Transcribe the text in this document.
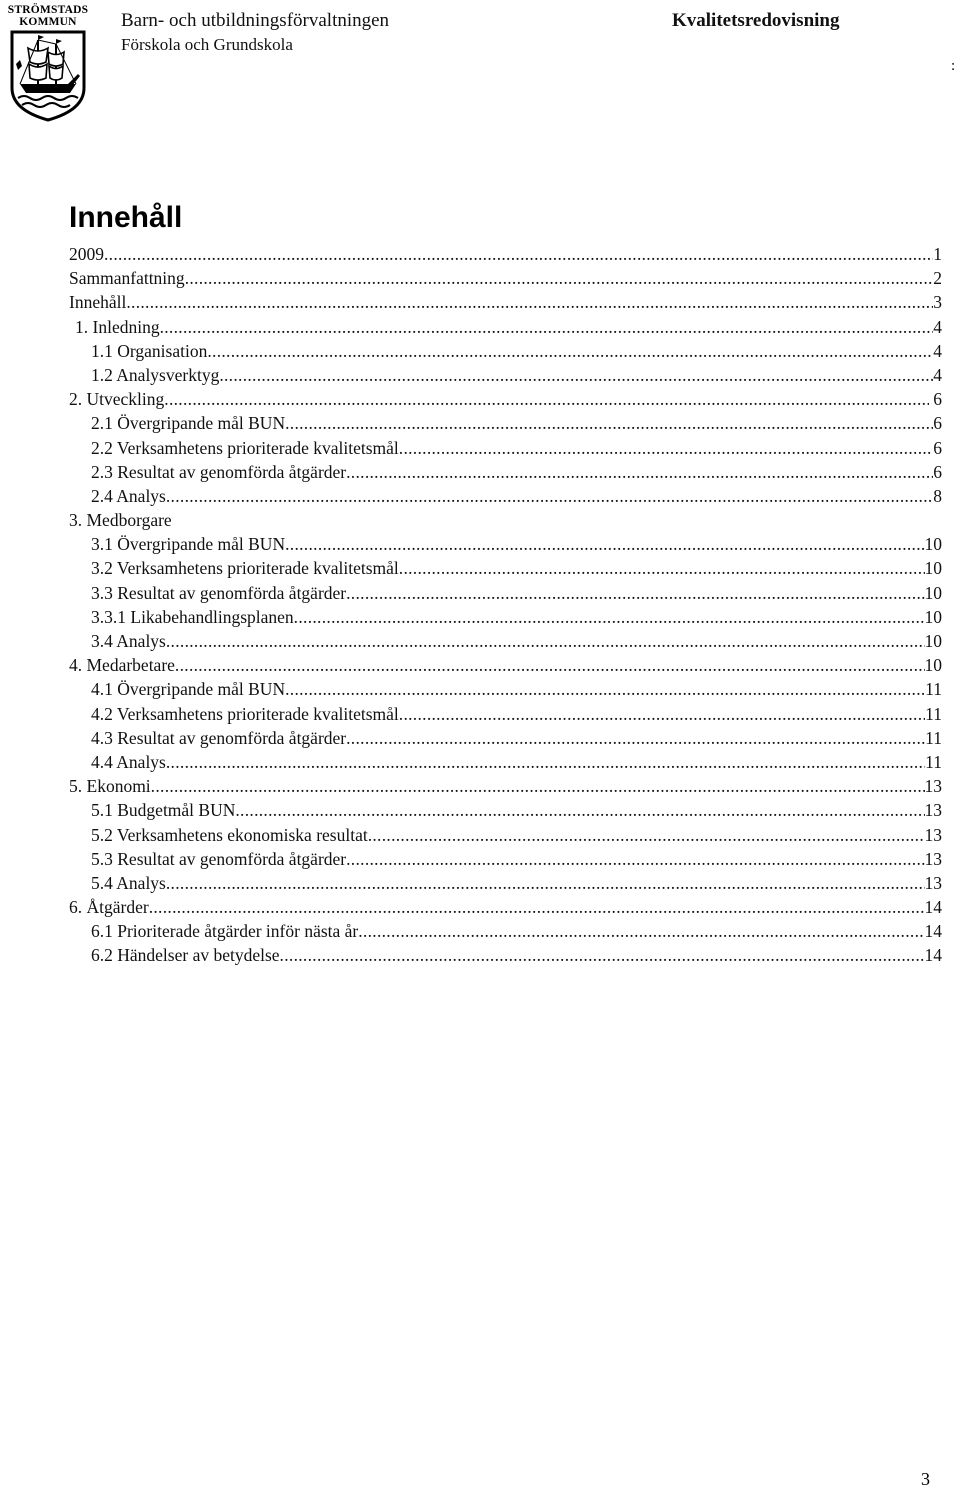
STRÖMSTADS
KOMMUN	Barn- och utbildningsförvaltningen
Förskola och Grundskola
Kvalitetsredovisning
:
Innehåll
2009 .....	1
Sammanfattning .....	2
Innehåll .....	3
1. Inledning .....	4
1.1 Organisation .....	4
1.2 Analysverktyg .....	4
2. Utveckling .....	6
2.1 Övergripande mål BUN .....	6
2.2 Verksamhetens prioriterade kvalitetsmål .....	6
2.3 Resultat av genomförda åtgärder .....	6
2.4 Analys .....	8
3. Medborgare
3.1 Övergripande mål BUN .....	10
3.2 Verksamhetens prioriterade kvalitetsmål .....	10
3.3 Resultat av genomförda åtgärder .....	10
3.3.1 Likabehandlingsplanen .....	10
3.4 Analys .....	10
4. Medarbetare .....	10
4.1 Övergripande mål BUN .....	11
4.2 Verksamhetens prioriterade kvalitetsmål .....	11
4.3 Resultat av genomförda åtgärder .....	11
4.4 Analys .....	11
5. Ekonomi .....	13
5.1 Budgetmål BUN .....	13
5.2 Verksamhetens ekonomiska resultat .....	13
5.3 Resultat av genomförda åtgärder .....	13
5.4 Analys .....	13
6. Åtgärder .....	14
6.1 Prioriterade åtgärder inför nästa år .....	14
6.2 Händelser av betydelse .....	14
3
